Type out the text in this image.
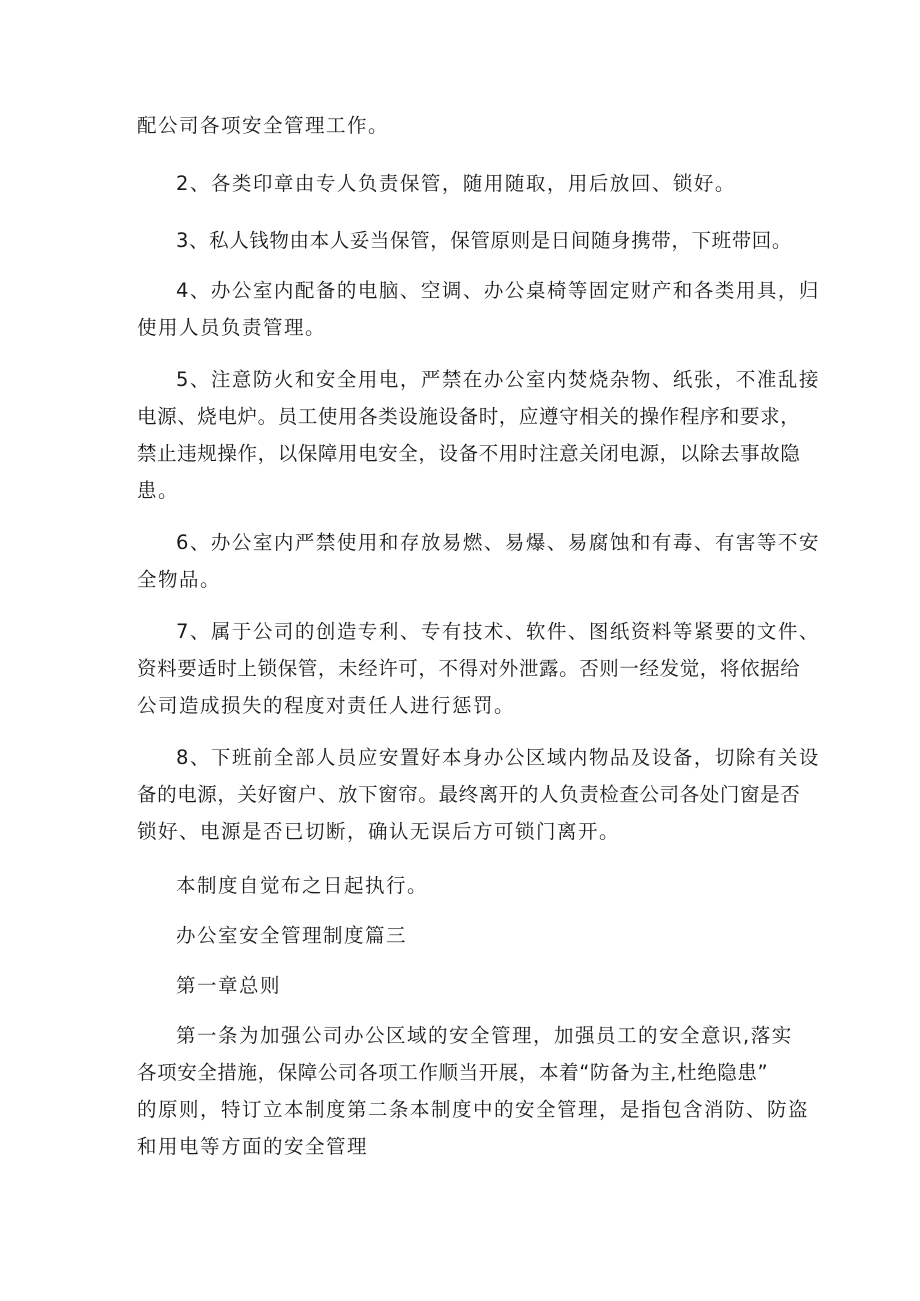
配公司各项安全管理工作。
2、各类印章由专人负责保管，随用随取，用后放回、锁好。
3、私人钱物由本人妥当保管，保管原则是日间随身携带，下班带回。
4、办公室内配备的电脑、空调、办公桌椅等固定财产和各类用具，归
使用人员负责管理。
5、注意防火和安全用电，严禁在办公室内焚烧杂物、纸张，不准乱接
电源、烧电炉。员工使用各类设施设备时，应遵守相关的操作程序和要求，
禁止违规操作，以保障用电安全，设备不用时注意关闭电源，以除去事故隐
患。
6、办公室内严禁使用和存放易燃、易爆、易腐蚀和有毒、有害等不安
全物品。
7、属于公司的创造专利、专有技术、软件、图纸资料等紧要的文件、
资料要适时上锁保管，未经许可，不得对外泄露。否则一经发觉，将依据给
公司造成损失的程度对责任人进行惩罚。
8、下班前全部人员应安置好本身办公区域内物品及设备，切除有关设
备的电源，关好窗户、放下窗帘。最终离开的人负责检查公司各处门窗是否
锁好、电源是否已切断，确认无误后方可锁门离开。
本制度自觉布之日起执行。
办公室安全管理制度篇三
第一章总则
第一条为加强公司办公区域的安全管理，加强员工的安全意识,落实
各项安全措施，保障公司各项工作顺当开展，本着“防备为主,杜绝隐患”
的原则，特订立本制度第二条本制度中的安全管理，是指包含消防、防盗
和用电等方面的安全管理
